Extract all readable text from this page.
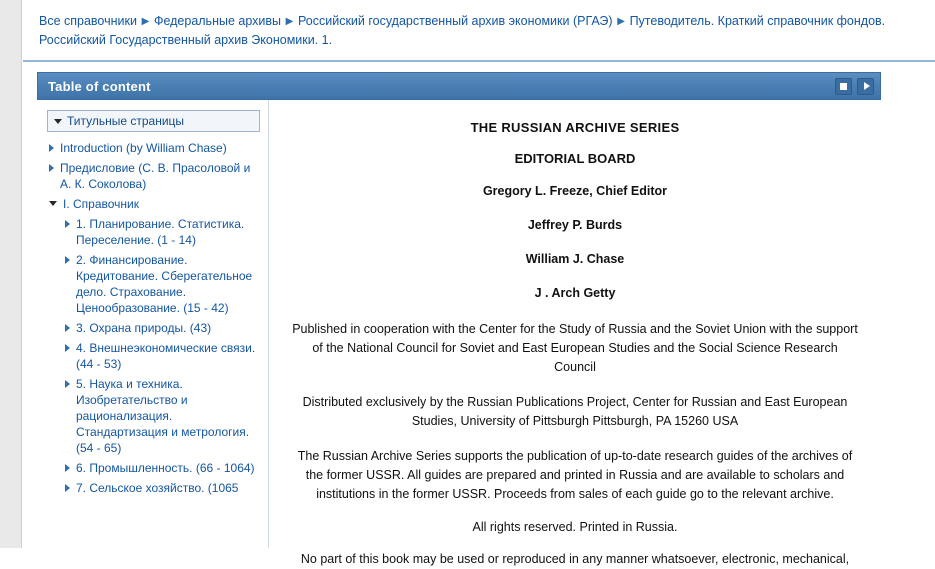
Все справочники ▶ Федеральные архивы ▶ Российский государственный архив экономики (РГАЭ) ▶ Путеводитель. Краткий справочник фондов. Российский Государственный архив Экономики. 1.
Table of content
Титульные страницы
Introduction (by William Chase)
Предисловие (С. В. Прасоловой и А. К. Соколова)
I. Справочник
1. Планирование. Статистика. Переселение. (1 - 14)
2. Финансирование. Кредитование. Сберегательное дело. Страхование. Ценообразование. (15 - 42)
3. Охрана природы. (43)
4. Внешнеэкономические связи. (44 - 53)
5. Наука и техника. Изобретательство и рационализация. Стандартизация и метрология. (54 - 65)
6. Промышленность. (66 - 1064)
7. Сельское хозяйство. (1065
THE RUSSIAN ARCHIVE SERIES
EDITORIAL BOARD
Gregory L. Freeze, Chief Editor
Jeffrey P. Burds
William J. Chase
J . Arch Getty

Published in cooperation with the Center for the Study of Russia and the Soviet Union with the support of the National Council for Soviet and East European Studies and the Social Science Research Council

Distributed exclusively by the Russian Publications Project, Center for Russian and East European Studies, University of Pittsburgh Pittsburgh, PA 15260 USA

The Russian Archive Series supports the publication of up-to-date research guides of the archives of the former USSR. All guides are prepared and printed in Russia and are available to scholars and institutions in the former USSR. Proceeds from sales of each guide go to the relevant archive.

All rights reserved. Printed in Russia.

No part of this book may be used or reproduced in any manner whatsoever, electronic, mechanical,
